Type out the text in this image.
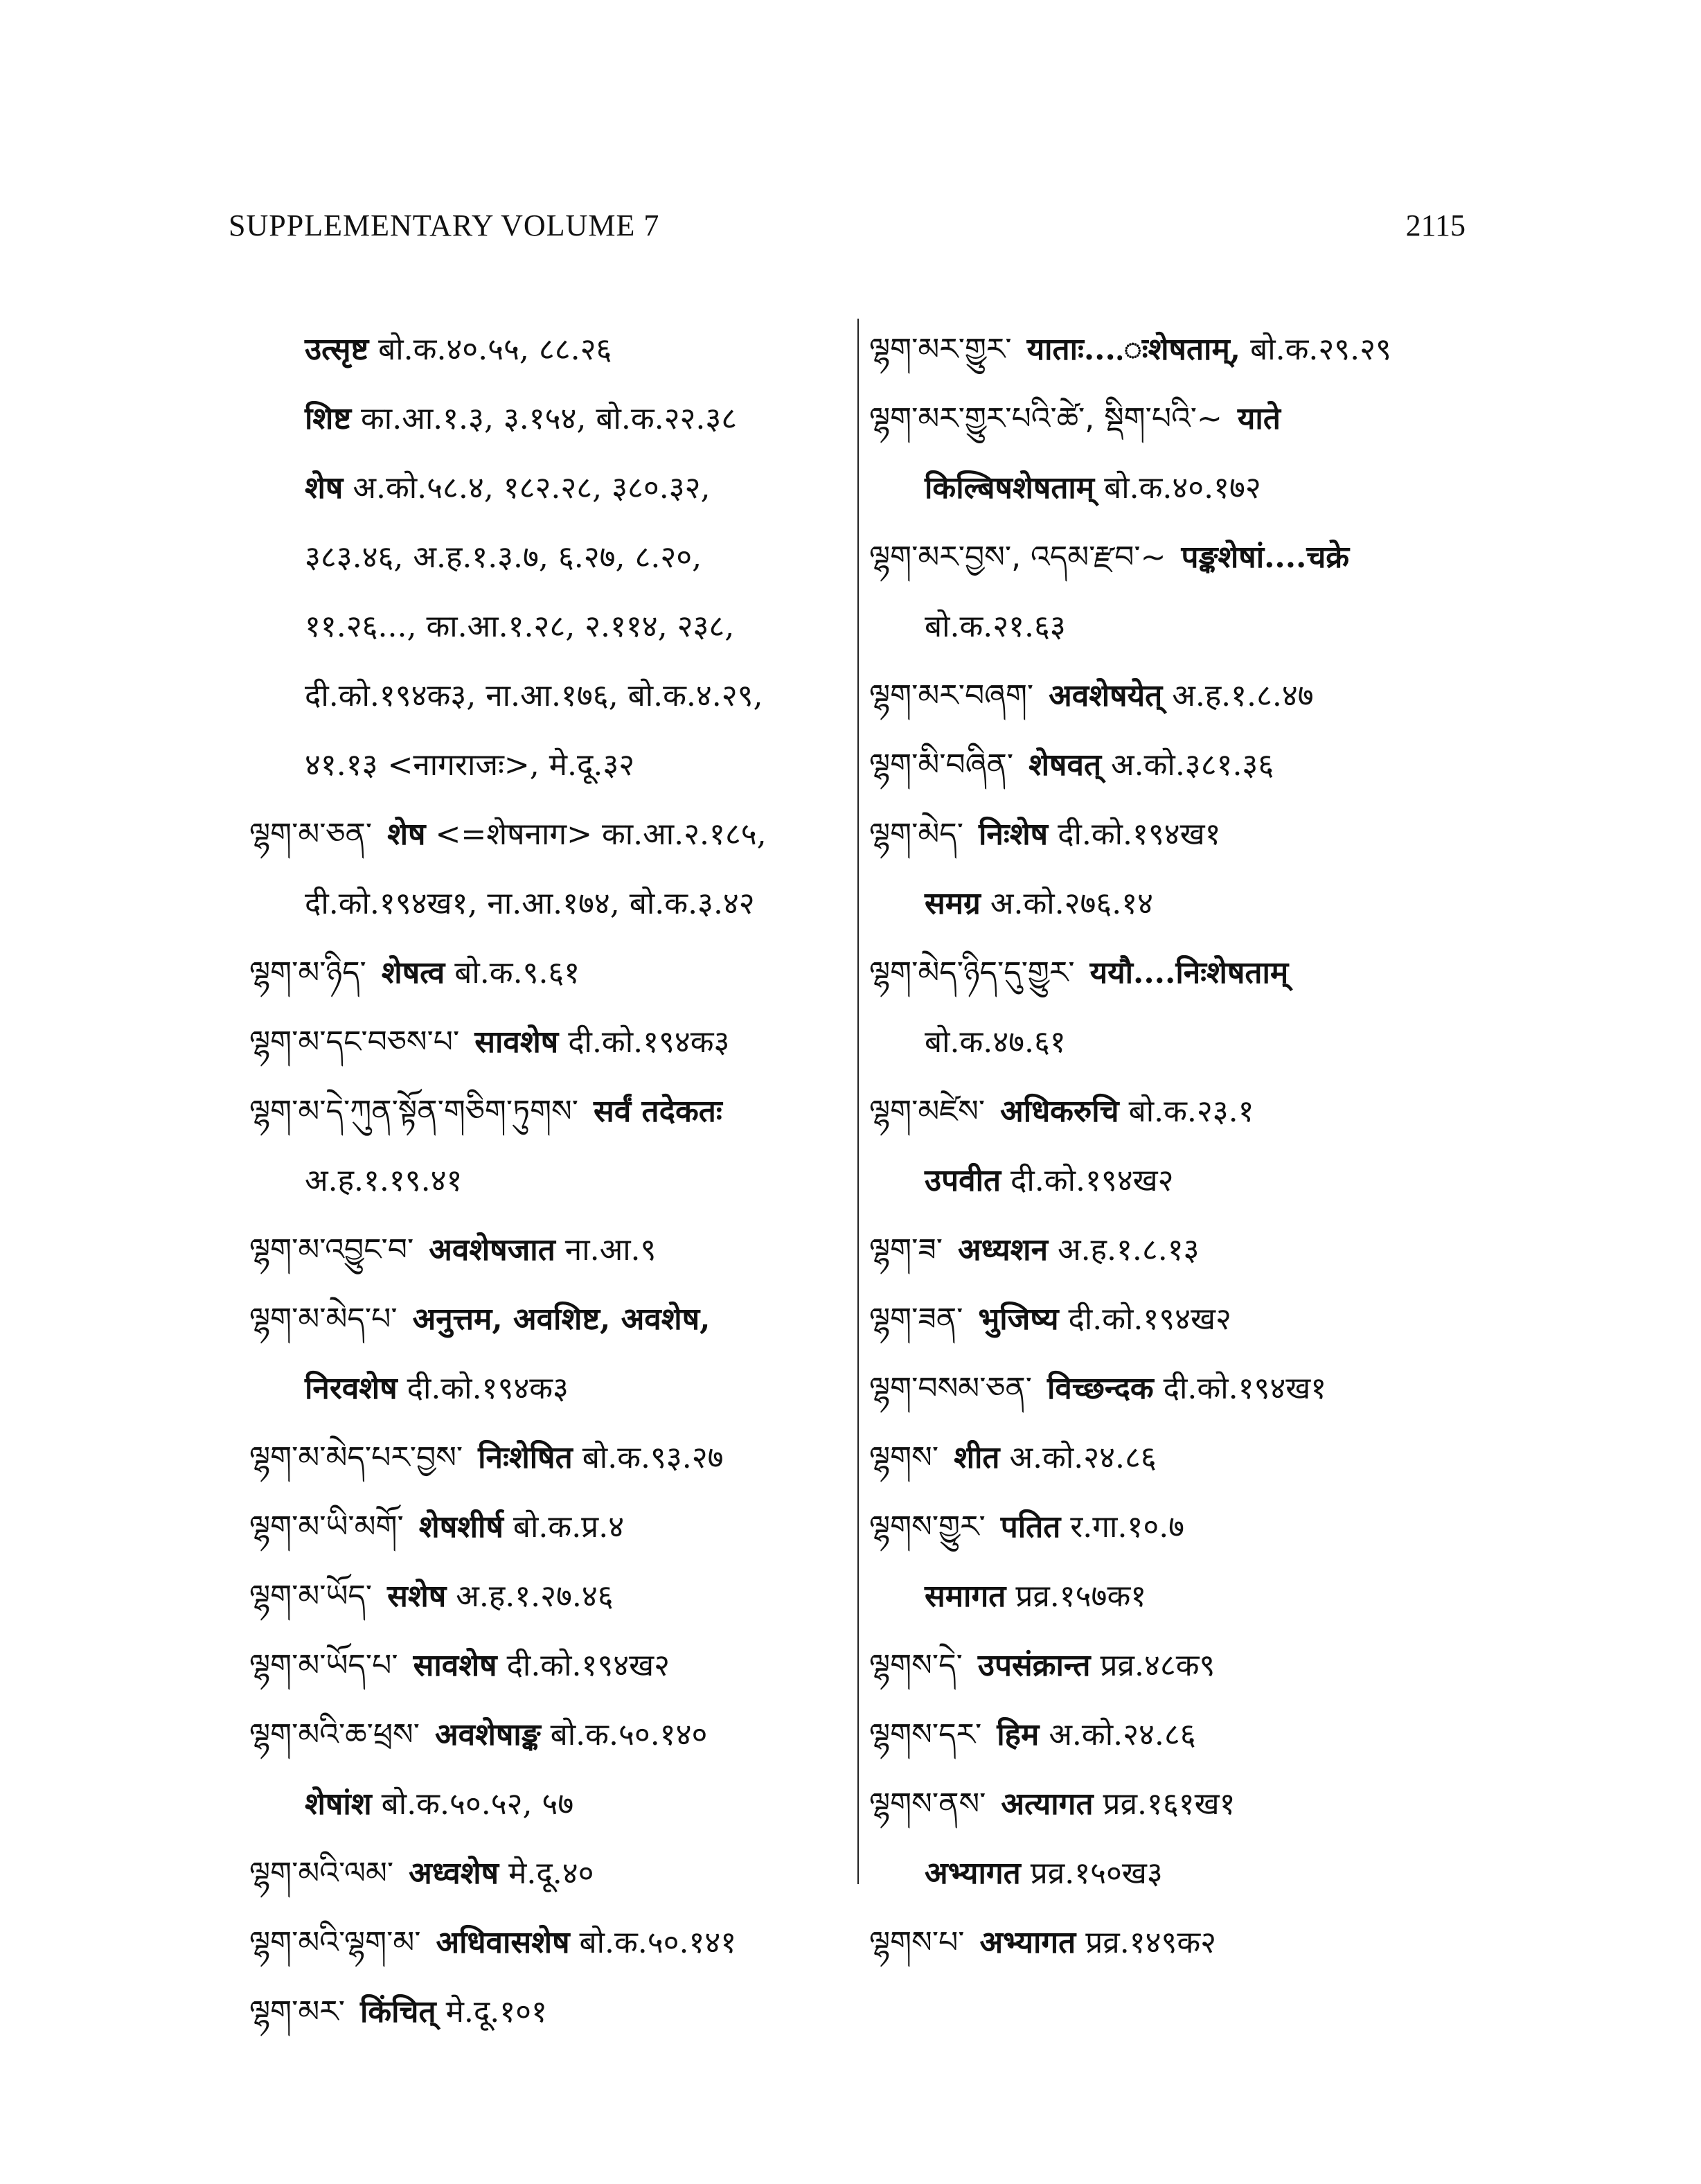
SUPPLEMENTARY VOLUME 7	2115
उत्सृष्ट बो.क.४०.५५, ८८.२६
शिष्ट का.आ.१.३, ३.१५४, बो.क.२२.३८
शेष अ.को.५८.४, १८२.२८, ३८०.३२,
३८३.४६, अ.ह.१.३.७, ६.२७, ८.२०,
११.२६..., का.आ.१.२८, २.११४, २३८,
दी.को.१९४क३, ना.आ.१७६, बो.क.४.२९,
४१.१३ <नागराजः>, मे.दू.३२
ལྷག་མ་ཅན་ शेष <=शेषनाग> का.आ.२.१८५,
दी.को.१९४ख१, ना.आ.१७४, बो.क.३.४२
ལྷག་མ་ཉིད་ शेषत्व बो.क.९.६१
ལྷག་མ་དང་བཅས་པ་ सावशेष दी.को.१९४क३
ལྷག་མ་དེ་ཀུན་སྟོན་གཅིག་ཏུགས་ सर्वं तदेकतः
अ.ह.१.१९.४१
ལྷག་མ་འབྱུང་བ་ अवशेषजात ना.आ.९
ལྷག་མ་མེད་པ་ अनुत्तम, अवशिष्ट, अवशेष,
निरवशेष दी.को.१९४क३
ལྷག་མ་མེད་པར་བྱས་ निःशेषित बो.क.९३.२७
ལྷག་མ་ཡི་མགོ་ शेषशीर्ष बो.क.प्र.४
ལྷག་མ་ཡོད་ सशेष अ.ह.१.२७.४६
ལྷག་མ་ཡོད་པ་ सावशेष दी.को.१९४ख२
ལྷག་མའི་ཆ་ཕྲས་ अवशेषाङ्क बो.क.५०.१४०
शेषांश बो.क.५०.५२, ५७
ལྷག་མའི་ལམ་ अध्वशेष मे.दू.४०
ལྷག་མའི་ལྷག་མ་ अधिवासशेष बो.क.५०.१४१
ལྷག་མར་ किंचित् मे.दू.१०१
ལྷག་མར་གྱུར་ याताः....ःशेषताम्, बो.क.२९.२९
ལྷག་མར་གྱུར་པའི་ཚེ་, སྡིག་པའི་~ याते
किल्बिषशेषताम् बो.क.४०.१७२
ལྷག་མར་བྱས་, འདམ་རྫབ་~ पङ्कशेषां....चक्रे
बो.क.२१.६३
ལྷག་མར་བཞག་ अवशेषयेत् अ.ह.१.८.४७
ལྷག་མི་བཞིན་ शेषवत् अ.को.३८१.३६
ལྷག་མེད་ निःशेष दी.को.१९४ख१
समग्र अ.को.२७६.१४
ལྷག་མེད་ཉིད་དུ་གྱུར་ ययौ....निःशेषताम्
बो.क.४७.६१
ལྷག་མཛེས་ अधिकरुचि बो.क.२३.१
उपवीत दी.को.१९४ख२
ལྷག་ཟ་ अध्यशन अ.ह.१.८.१३
ལྷག་ཟན་ भुजिष्य दी.को.१९४ख२
ལྷག་བསམ་ཅན་ विच्छन्दक दी.को.१९४ख१
ལྷགས་ शीत अ.को.२४.८६
ལྷགས་གྱུར་ पतित र.गा.१०.७
समागत प्रव्र.१५७क१
ལྷགས་དེ་ उपसंक्रान्त प्रव्र.४८क९
ལྷགས་དར་ हिम अ.को.२४.८६
ལྷགས་ནས་ अत्यागत प्रव्र.१६१ख१
अभ्यागत प्रव्र.१५०ख३
ལྷགས་པ་ अभ्यागत प्रव्र.१४९क२
